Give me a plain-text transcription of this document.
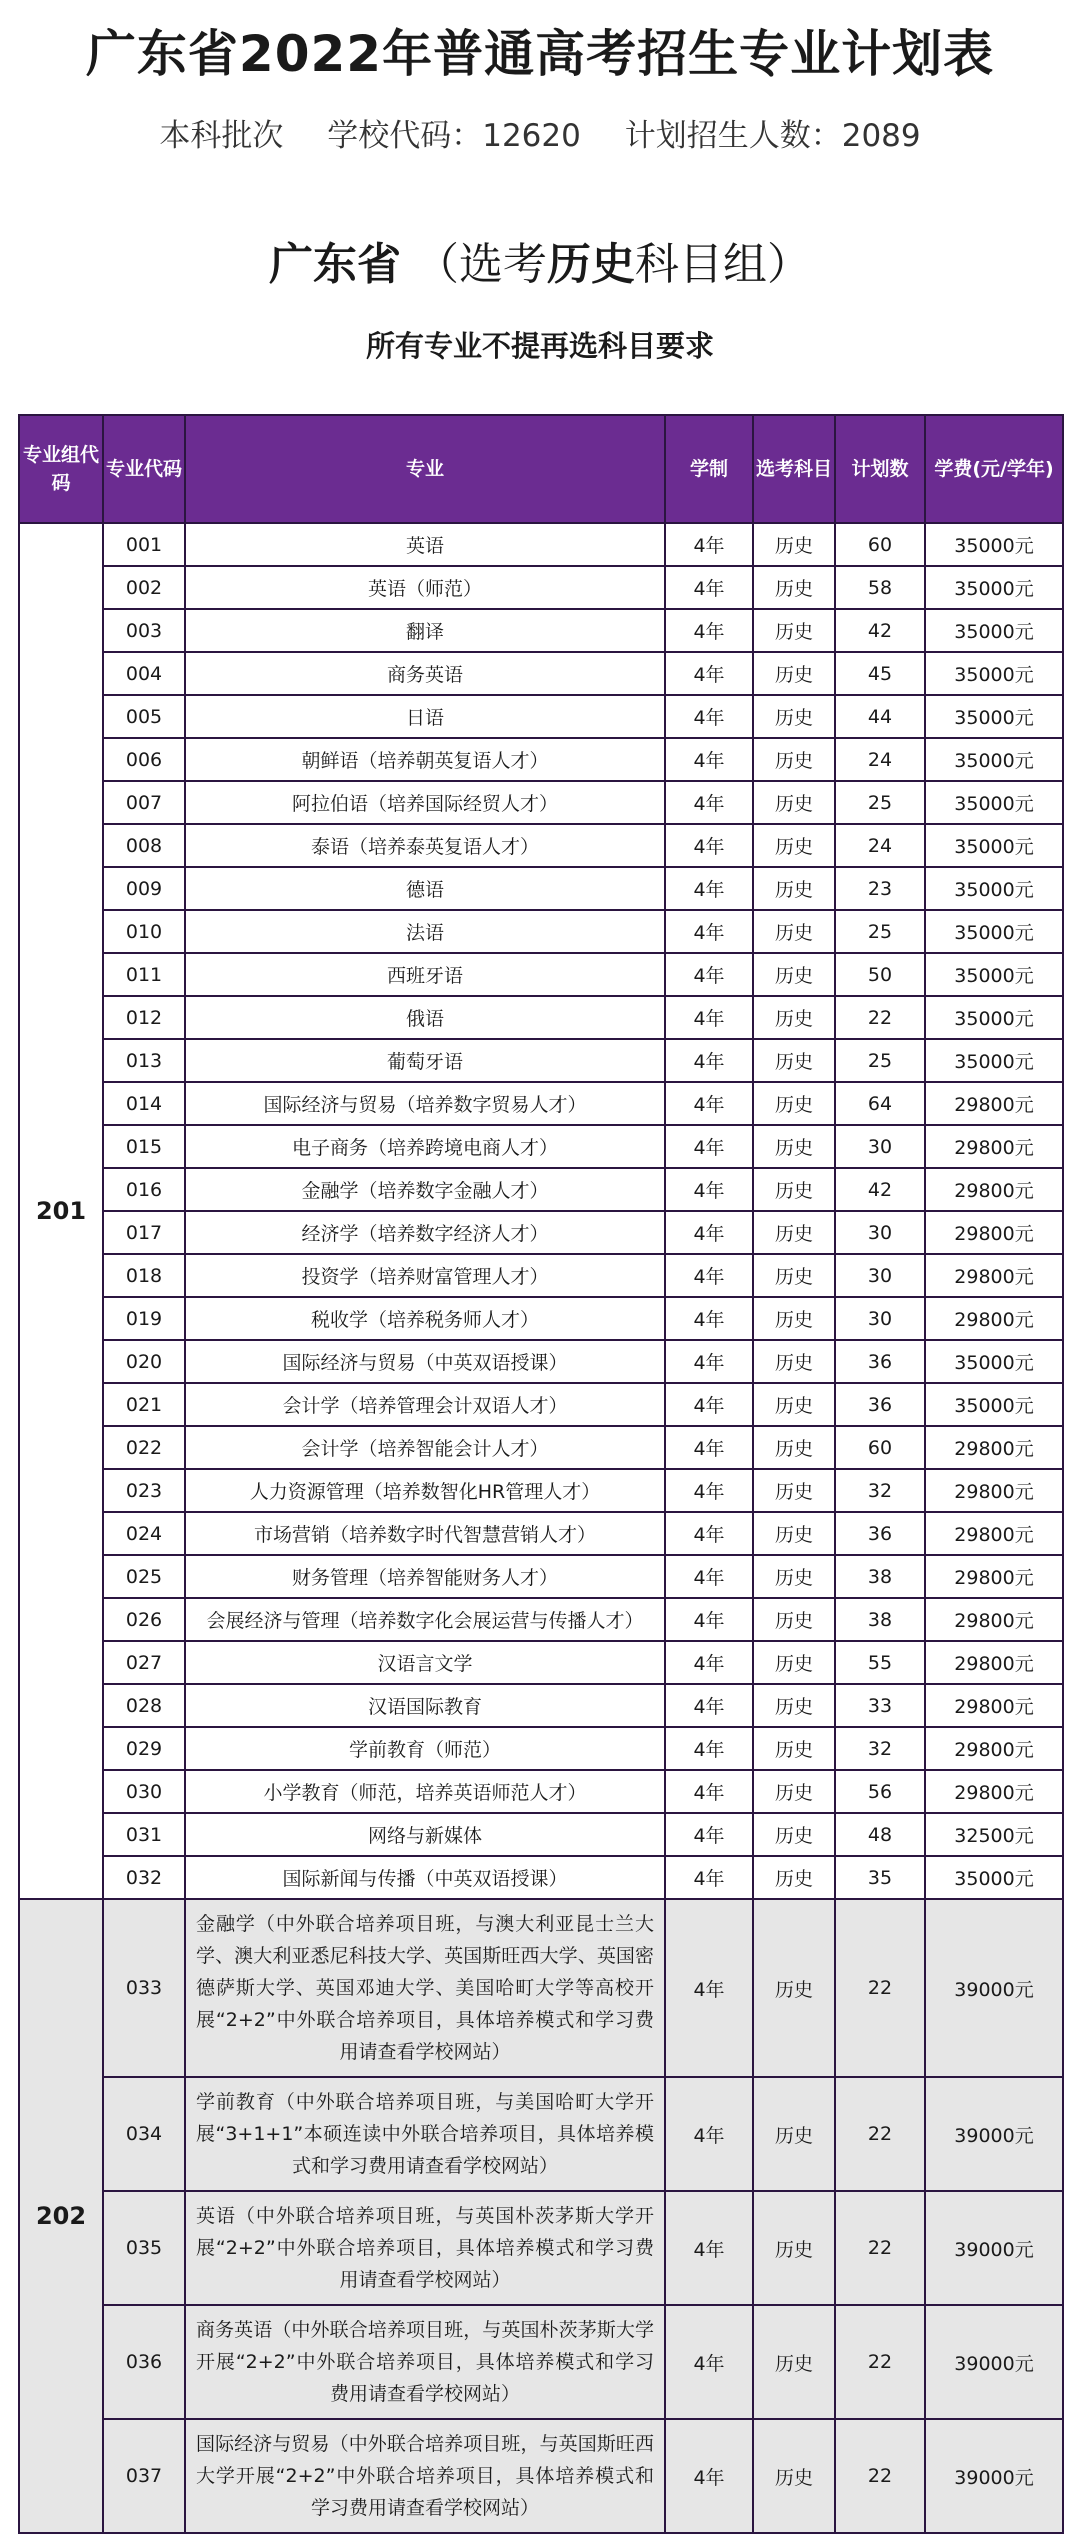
广东省2022年普通高考招生专业计划表
本科批次 学校代码：12620 计划招生人数：2089
广东省 （选考历史科目组）
所有专业不提再选科目要求
专业组代码	专业代码	专业	学制	选考科目	计划数	学费(元/学年)
201	001	英语	4年	历史	60	35000元
	002	英语（师范）	4年	历史	58	35000元
	003	翻译	4年	历史	42	35000元
	004	商务英语	4年	历史	45	35000元
	005	日语	4年	历史	44	35000元
	006	朝鲜语（培养朝英复语人才）	4年	历史	24	35000元
	007	阿拉伯语（培养国际经贸人才）	4年	历史	25	35000元
	008	泰语（培养泰英复语人才）	4年	历史	24	35000元
	009	德语	4年	历史	23	35000元
	010	法语	4年	历史	25	35000元
	011	西班牙语	4年	历史	50	35000元
	012	俄语	4年	历史	22	35000元
	013	葡萄牙语	4年	历史	25	35000元
	014	国际经济与贸易（培养数字贸易人才）	4年	历史	64	29800元
	015	电子商务（培养跨境电商人才）	4年	历史	30	29800元
	016	金融学（培养数字金融人才）	4年	历史	42	29800元
	017	经济学（培养数字经济人才）	4年	历史	30	29800元
	018	投资学（培养财富管理人才）	4年	历史	30	29800元
	019	税收学（培养税务师人才）	4年	历史	30	29800元
	020	国际经济与贸易（中英双语授课）	4年	历史	36	35000元
	021	会计学（培养管理会计双语人才）	4年	历史	36	35000元
	022	会计学（培养智能会计人才）	4年	历史	60	29800元
	023	人力资源管理（培养数智化HR管理人才）	4年	历史	32	29800元
	024	市场营销（培养数字时代智慧营销人才）	4年	历史	36	29800元
	025	财务管理（培养智能财务人才）	4年	历史	38	29800元
	026	会展经济与管理（培养数字化会展运营与传播人才）	4年	历史	38	29800元
	027	汉语言文学	4年	历史	55	29800元
	028	汉语国际教育	4年	历史	33	29800元
	029	学前教育（师范）	4年	历史	32	29800元
	030	小学教育（师范，培养英语师范人才）	4年	历史	56	29800元
	031	网络与新媒体	4年	历史	48	32500元
	032	国际新闻与传播（中英双语授课）	4年	历史	35	35000元
202	033	金融学（中外联合培养项目班，与澳大利亚昆士兰大学、澳大利亚悉尼科技大学、英国斯旺西大学、英国密德萨斯大学、英国邓迪大学、美国哈町大学等高校开展“2+2”中外联合培养项目，具体培养模式和学习费用请查看学校网站）	4年	历史	22	39000元
	034	学前教育（中外联合培养项目班，与美国哈町大学开展“3+1+1”本硕连读中外联合培养项目，具体培养模式和学习费用请查看学校网站）	4年	历史	22	39000元
	035	英语（中外联合培养项目班，与英国朴茨茅斯大学开展“2+2”中外联合培养项目，具体培养模式和学习费用请查看学校网站）	4年	历史	22	39000元
	036	商务英语（中外联合培养项目班，与英国朴茨茅斯大学开展“2+2”中外联合培养项目，具体培养模式和学习费用请查看学校网站）	4年	历史	22	39000元
	037	国际经济与贸易（中外联合培养项目班，与英国斯旺西大学开展“2+2”中外联合培养项目，具体培养模式和学习费用请查看学校网站）	4年	历史	22	39000元
